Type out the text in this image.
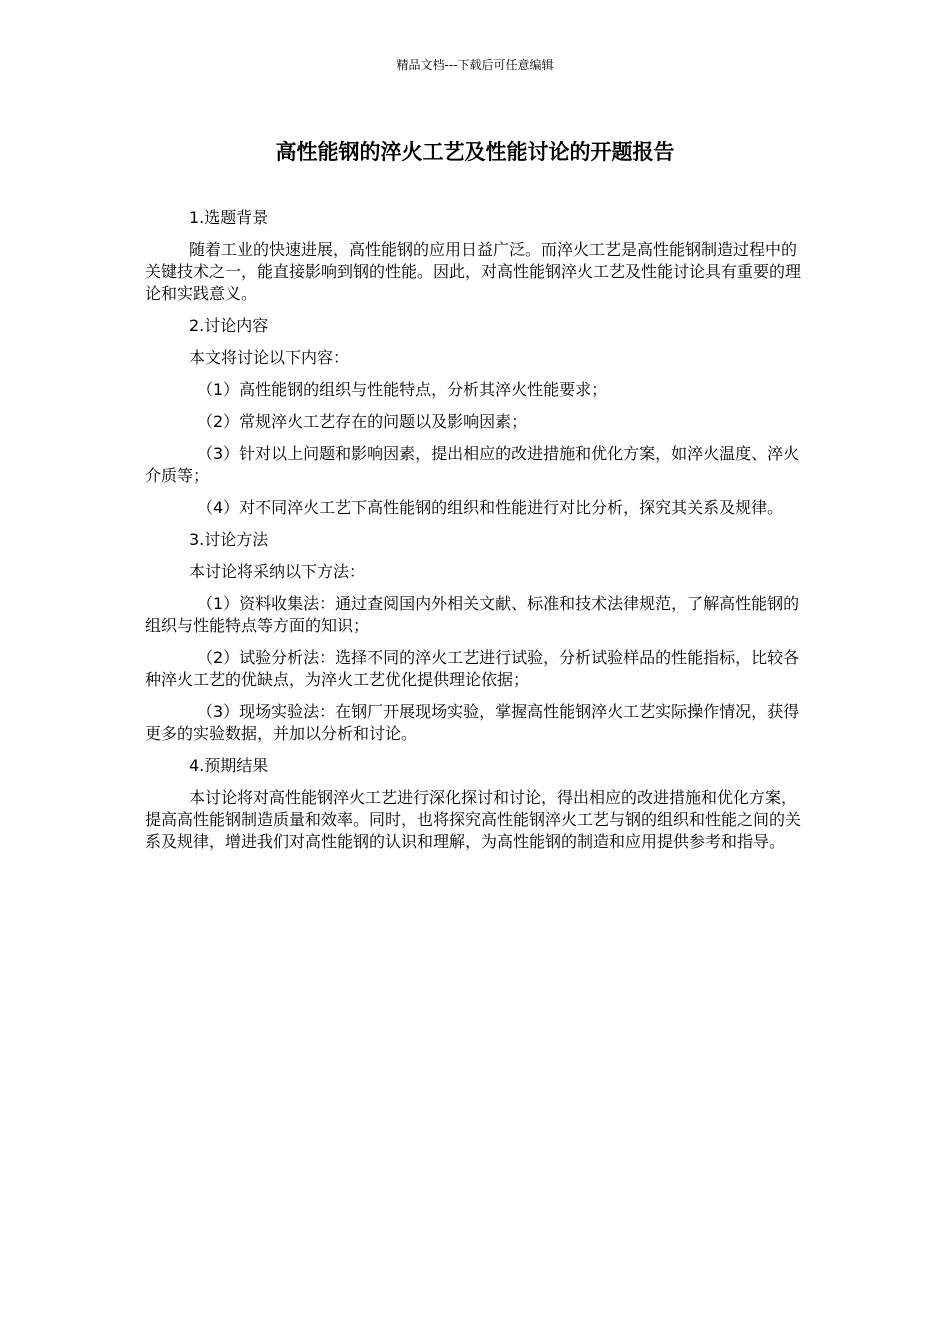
精品文档---下载后可任意编辑
高性能钢的淬火工艺及性能讨论的开题报告

1.选题背景

随着工业的快速进展，高性能钢的应用日益广泛。而淬火工艺是高性能钢制造过程中的关键技术之一，能直接影响到钢的性能。因此，对高性能钢淬火工艺及性能讨论具有重要的理论和实践意义。

2.讨论内容

本文将讨论以下内容：

（1）高性能钢的组织与性能特点，分析其淬火性能要求；

（2）常规淬火工艺存在的问题以及影响因素；

（3）针对以上问题和影响因素，提出相应的改进措施和优化方案，如淬火温度、淬火介质等；

（4）对不同淬火工艺下高性能钢的组织和性能进行对比分析，探究其关系及规律。

3.讨论方法

本讨论将采纳以下方法：

（1）资料收集法：通过查阅国内外相关文献、标准和技术法律规范，了解高性能钢的组织与性能特点等方面的知识；

（2）试验分析法：选择不同的淬火工艺进行试验，分析试验样品的性能指标，比较各种淬火工艺的优缺点，为淬火工艺优化提供理论依据；

（3）现场实验法：在钢厂开展现场实验，掌握高性能钢淬火工艺实际操作情况，获得更多的实验数据，并加以分析和讨论。

4.预期结果

本讨论将对高性能钢淬火工艺进行深化探讨和讨论，得出相应的改进措施和优化方案，提高高性能钢制造质量和效率。同时，也将探究高性能钢淬火工艺与钢的组织和性能之间的关系及规律，增进我们对高性能钢的认识和理解，为高性能钢的制造和应用提供参考和指导。
